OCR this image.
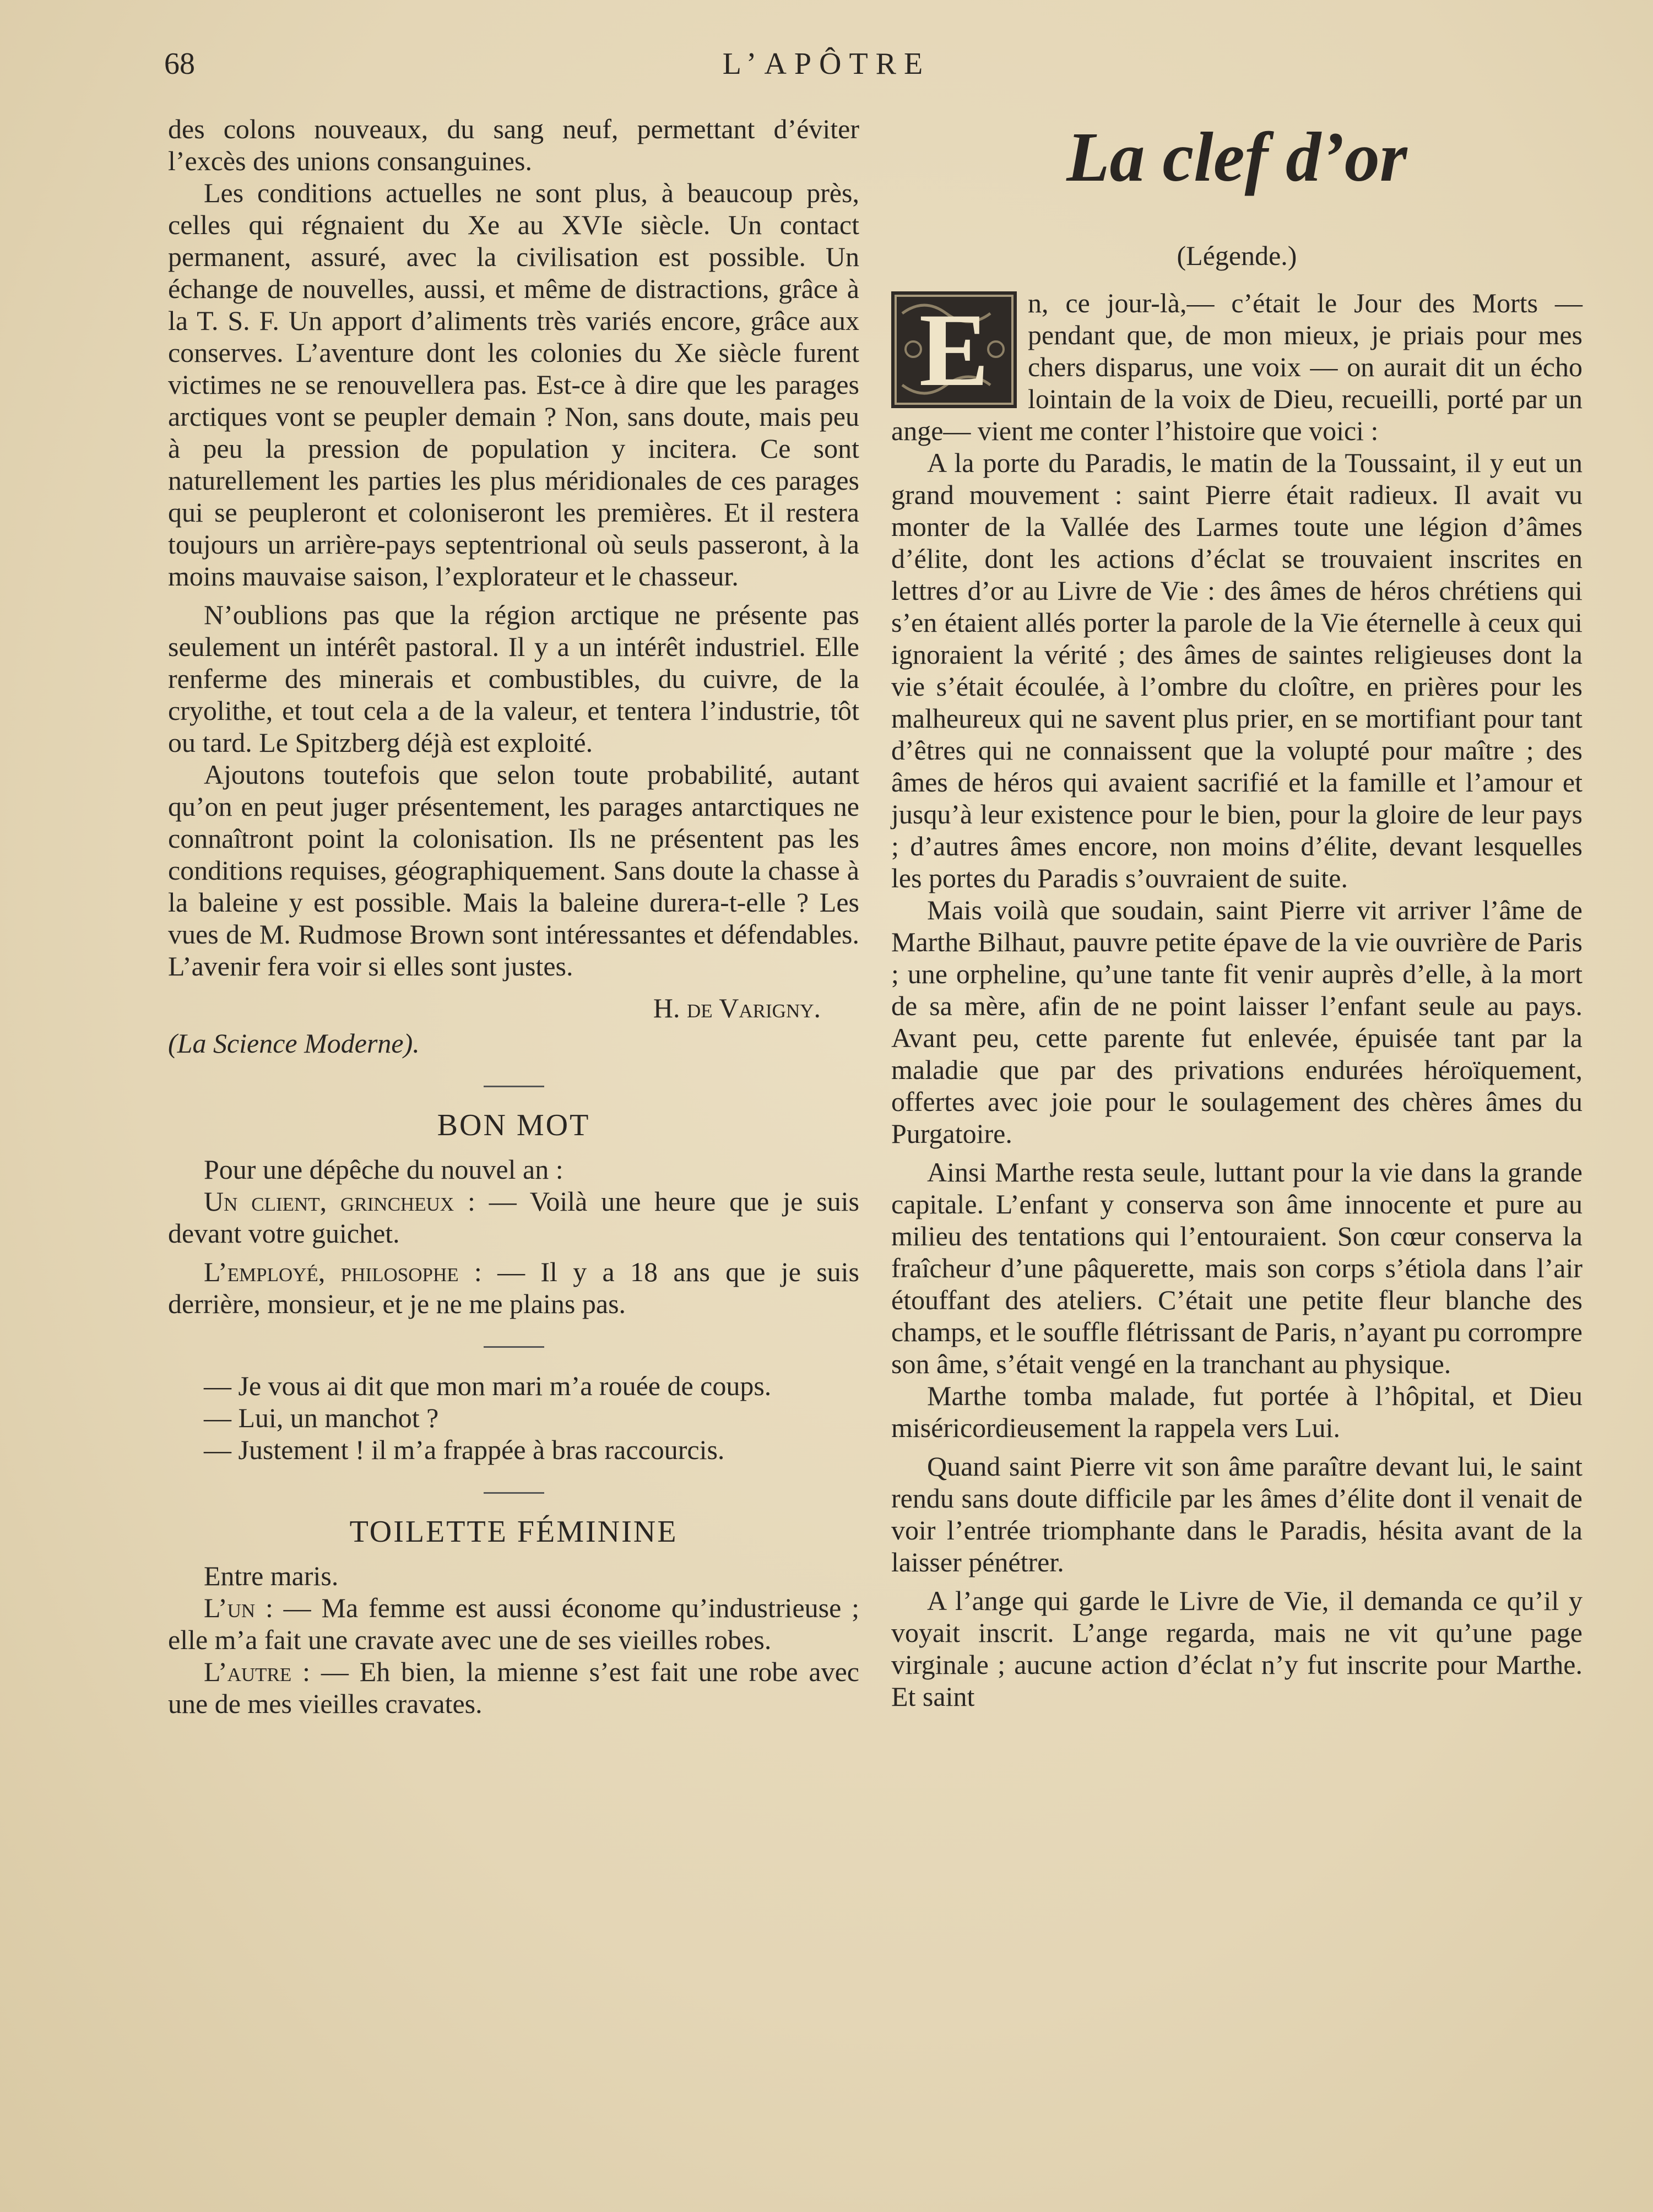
68	L’APÔTRE

des colons nouveaux, du sang neuf, permettant d’éviter l’excès des unions consanguines.

Les conditions actuelles ne sont plus, à beaucoup près, celles qui régnaient du Xe au XVIe siècle. Un contact permanent, assuré, avec la civilisation est possible. Un échange de nouvelles, aussi, et même de distractions, grâce à la T. S. F. Un apport d’aliments très variés encore, grâce aux conserves. L’aventure dont les colonies du Xe siècle furent victimes ne se renouvellera pas. Est-ce à dire que les parages arctiques vont se peupler demain ? Non, sans doute, mais peu à peu la pression de population y incitera. Ce sont naturellement les parties les plus méridionales de ces parages qui se peupleront et coloniseront les premières. Et il restera toujours un arrière-pays septentrional où seuls passeront, à la moins mauvaise saison, l’explorateur et le chasseur.

N’oublions pas que la région arctique ne présente pas seulement un intérêt pastoral. Il y a un intérêt industriel. Elle renferme des minerais et combustibles, du cuivre, de la cryolithe, et tout cela a de la valeur, et tentera l’industrie, tôt ou tard. Le Spitzberg déjà est exploité.

Ajoutons toutefois que selon toute probabilité, autant qu’on en peut juger présentement, les parages antarctiques ne connaîtront point la colonisation. Ils ne présentent pas les conditions requises, géographiquement. Sans doute la chasse à la baleine y est possible. Mais la baleine durera-t-elle ? Les vues de M. Rudmose Brown sont intéressantes et défendables. L’avenir fera voir si elles sont justes.

H. de Varigny.

(La Science Moderne).

BON MOT

Pour une dépêche du nouvel an :

Un client, grincheux : — Voilà une heure que je suis devant votre guichet.

L’employé, philosophe : — Il y a 18 ans que je suis derrière, monsieur, et je ne me plains pas.

— Je vous ai dit que mon mari m’a rouée de coups.

— Lui, un manchot ?

— Justement ! il m’a frappée à bras raccourcis.

TOILETTE FÉMININE

Entre maris.

L’un : — Ma femme est aussi économe qu’industrieuse ; elle m’a fait une cravate avec une de ses vieilles robes.

L’autre : — Eh bien, la mienne s’est fait une robe avec une de mes vieilles cravates.

La clef d’or
(Légende.)
E	n, ce jour-là,— c’était le Jour des Morts — pendant que, de mon mieux, je priais pour mes chers disparus, une voix — on aurait dit un écho lointain de la voix de Dieu, recueilli, porté par un ange— vient me conter l’histoire que voici :

A la porte du Paradis, le matin de la Toussaint, il y eut un grand mouvement : saint Pierre était radieux. Il avait vu monter de la Vallée des Larmes toute une légion d’âmes d’élite, dont les actions d’éclat se trouvaient inscrites en lettres d’or au Livre de Vie : des âmes de héros chrétiens qui s’en étaient allés porter la parole de la Vie éternelle à ceux qui ignoraient la vérité ; des âmes de saintes religieuses dont la vie s’était écoulée, à l’ombre du cloître, en prières pour les malheureux qui ne savent plus prier, en se mortifiant pour tant d’êtres qui ne connaissent que la volupté pour maître ; des âmes de héros qui avaient sacrifié et la famille et l’amour et jusqu’à leur existence pour le bien, pour la gloire de leur pays ; d’autres âmes encore, non moins d’élite, devant lesquelles les portes du Paradis s’ouvraient de suite.

Mais voilà que soudain, saint Pierre vit arriver l’âme de Marthe Bilhaut, pauvre petite épave de la vie ouvrière de Paris ; une orpheline, qu’une tante fit venir auprès d’elle, à la mort de sa mère, afin de ne point laisser l’enfant seule au pays. Avant peu, cette parente fut enlevée, épuisée tant par la maladie que par des privations endurées héroïquement, offertes avec joie pour le soulagement des chères âmes du Purgatoire.

Ainsi Marthe resta seule, luttant pour la vie dans la grande capitale. L’enfant y conserva son âme innocente et pure au milieu des tentations qui l’entouraient. Son cœur conserva la fraîcheur d’une pâquerette, mais son corps s’étiola dans l’air étouffant des ateliers. C’était une petite fleur blanche des champs, et le souffle flétrissant de Paris, n’ayant pu corrompre son âme, s’était vengé en la tranchant au physique.

Marthe tomba malade, fut portée à l’hôpital, et Dieu miséricordieusement la rappela vers Lui.

Quand saint Pierre vit son âme paraître devant lui, le saint rendu sans doute difficile par les âmes d’élite dont il venait de voir l’entrée triomphante dans le Paradis, hésita avant de la laisser pénétrer.

A l’ange qui garde le Livre de Vie, il demanda ce qu’il y voyait inscrit. L’ange regarda, mais ne vit qu’une page virginale ; aucune action d’éclat n’y fut inscrite pour Marthe. Et saint
